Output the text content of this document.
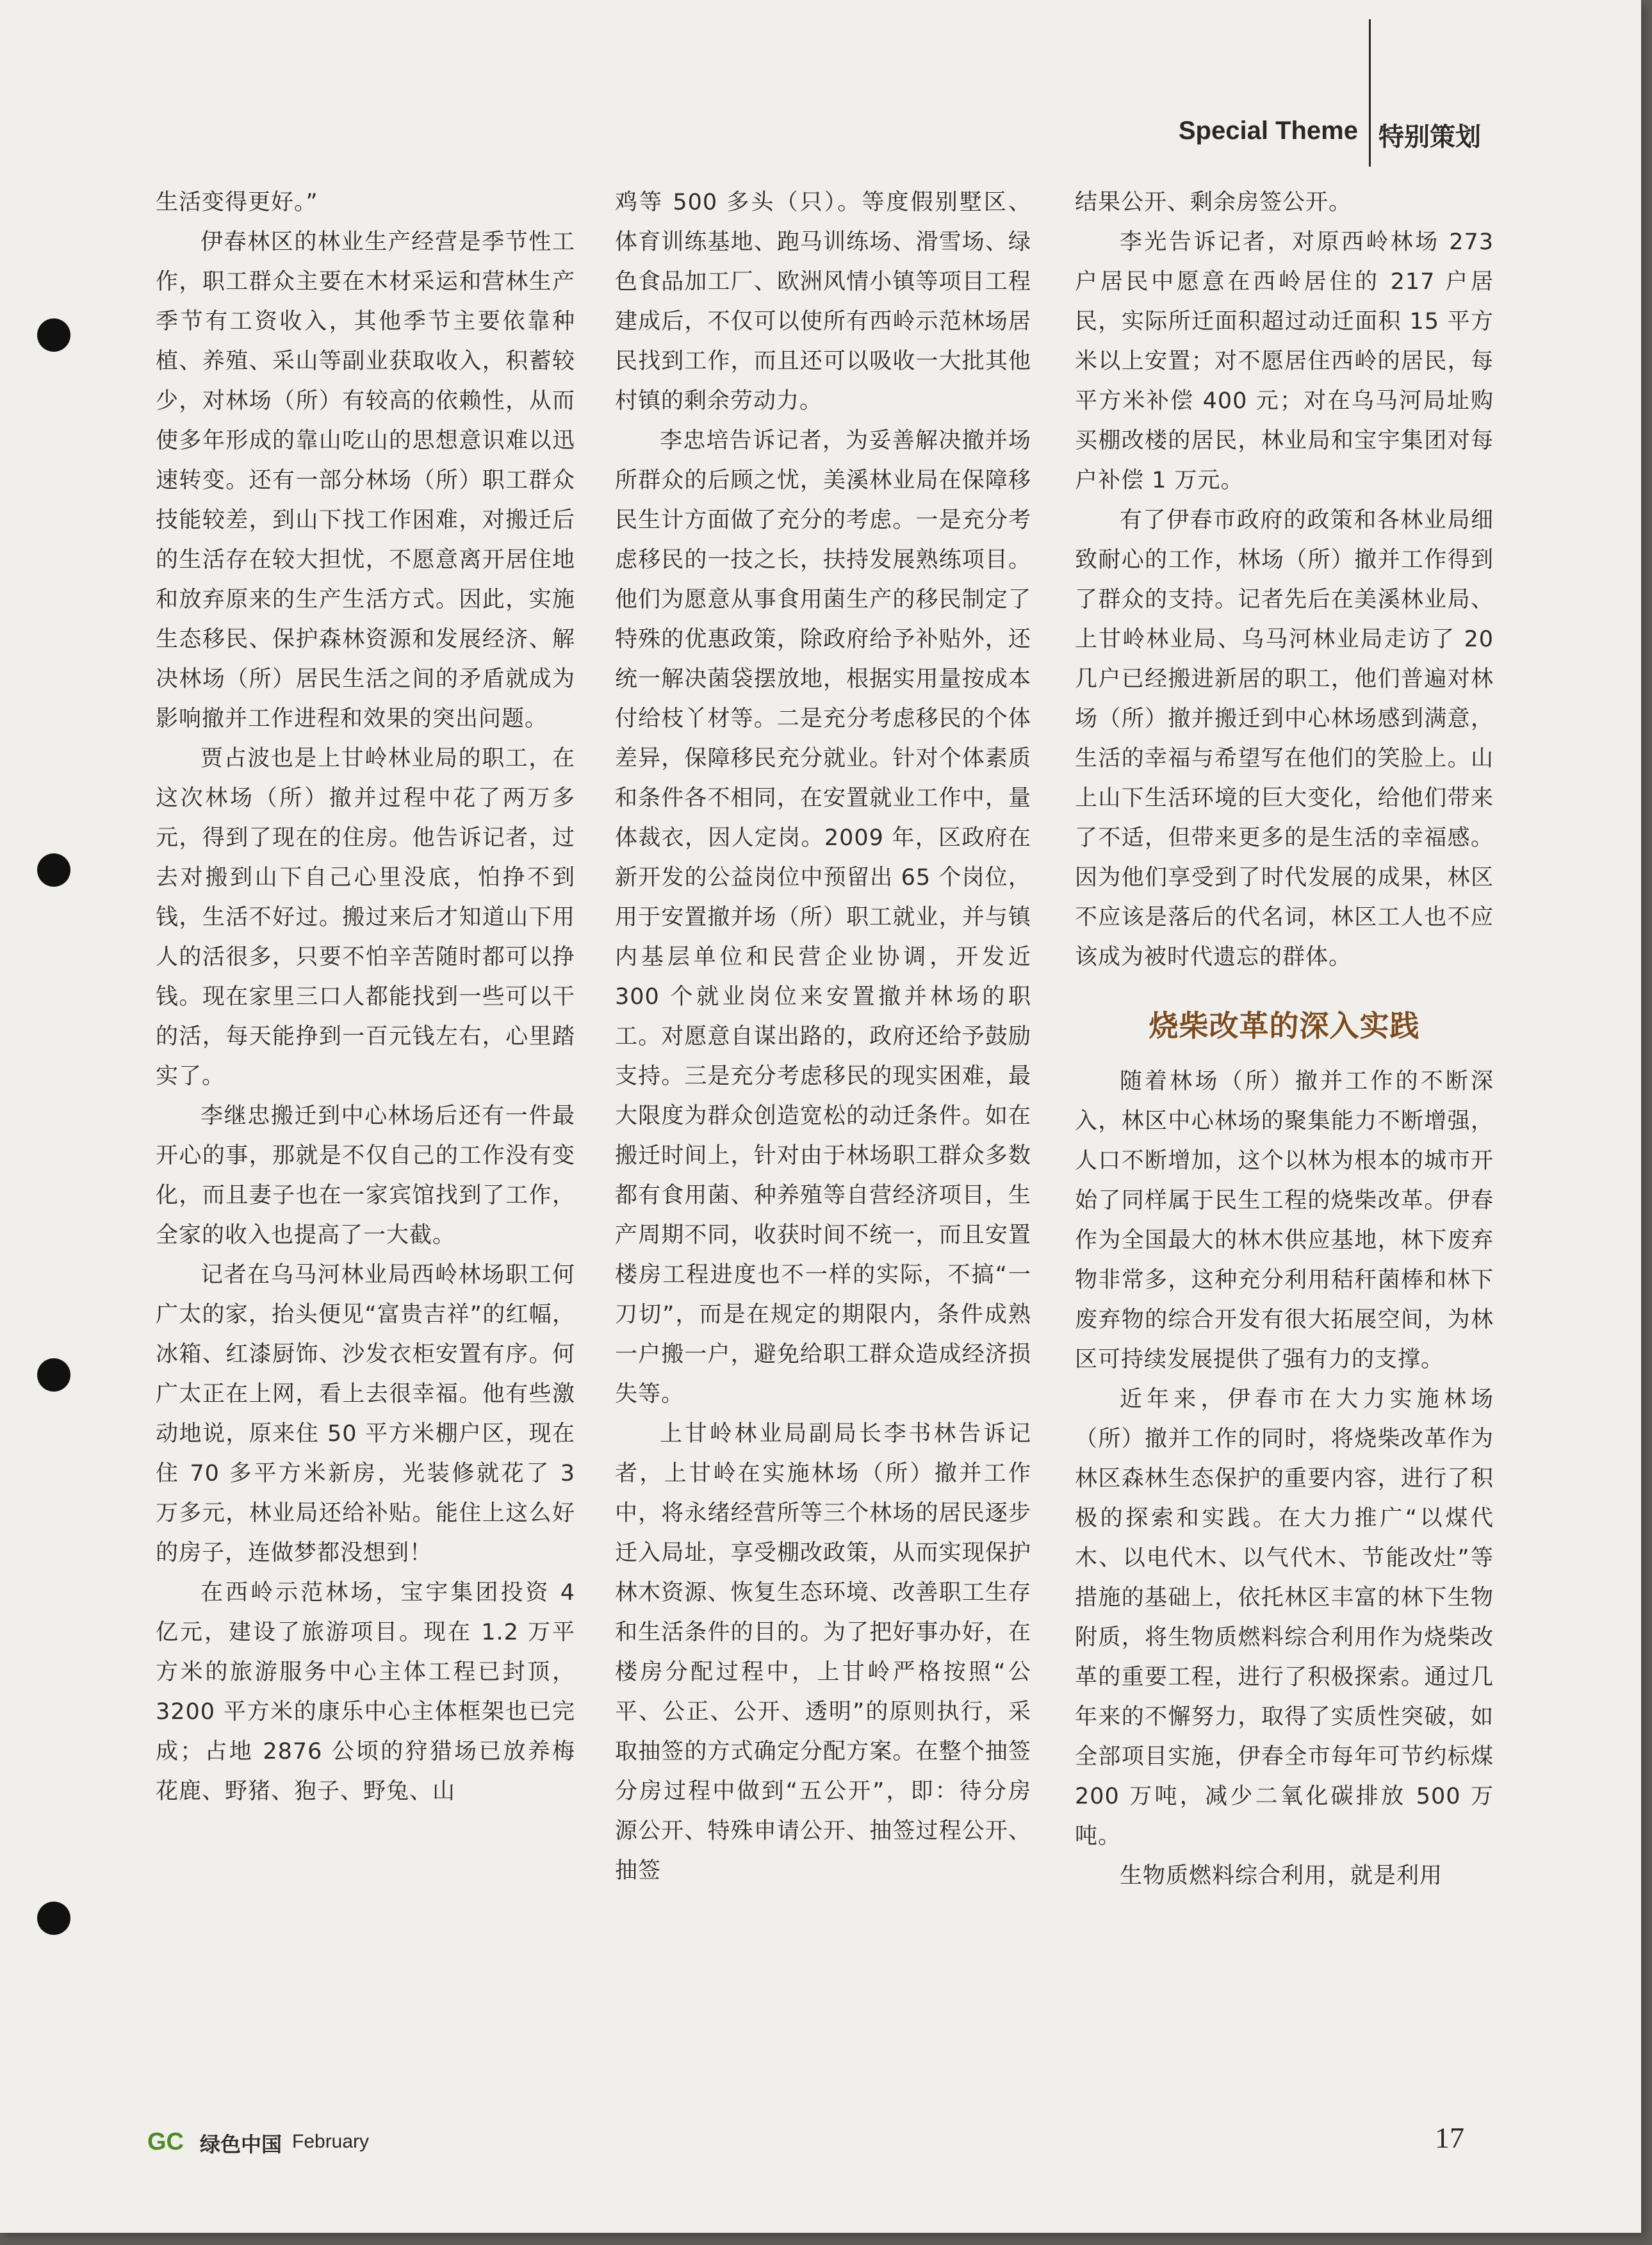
Special Theme 特别策划

生活变得更好。”

伊春林区的林业生产经营是季节性工作，职工群众主要在木材采运和营林生产季节有工资收入，其他季节主要依靠种植、养殖、采山等副业获取收入，积蓄较少，对林场（所）有较高的依赖性，从而使多年形成的靠山吃山的思想意识难以迅速转变。还有一部分林场（所）职工群众技能较差，到山下找工作困难，对搬迁后的生活存在较大担忧，不愿意离开居住地和放弃原来的生产生活方式。因此，实施生态移民、保护森林资源和发展经济、解决林场（所）居民生活之间的矛盾就成为影响撤并工作进程和效果的突出问题。

贾占波也是上甘岭林业局的职工，在这次林场（所）撤并过程中花了两万多元，得到了现在的住房。他告诉记者，过去对搬到山下自己心里没底，怕挣不到钱，生活不好过。搬过来后才知道山下用人的活很多，只要不怕辛苦随时都可以挣钱。现在家里三口人都能找到一些可以干的活，每天能挣到一百元钱左右，心里踏实了。

李继忠搬迁到中心林场后还有一件最开心的事，那就是不仅自己的工作没有变化，而且妻子也在一家宾馆找到了工作，全家的收入也提高了一大截。

记者在乌马河林业局西岭林场职工何广太的家，抬头便见“富贵吉祥”的红幅，冰箱、红漆厨饰、沙发衣柜安置有序。何广太正在上网，看上去很幸福。他有些激动地说，原来住 50 平方米棚户区，现在住 70 多平方米新房，光装修就花了 3 万多元，林业局还给补贴。能住上这么好的房子，连做梦都没想到！

在西岭示范林场，宝宇集团投资 4 亿元，建设了旅游项目。现在 1.2 万平方米的旅游服务中心主体工程已封顶，3200 平方米的康乐中心主体框架也已完成；占地 2876 公顷的狩猎场已放养梅花鹿、野猪、狍子、野兔、山

鸡等 500 多头（只）。等度假别墅区、体育训练基地、跑马训练场、滑雪场、绿色食品加工厂、欧洲风情小镇等项目工程建成后，不仅可以使所有西岭示范林场居民找到工作，而且还可以吸收一大批其他村镇的剩余劳动力。

李忠培告诉记者，为妥善解决撤并场所群众的后顾之忧，美溪林业局在保障移民生计方面做了充分的考虑。一是充分考虑移民的一技之长，扶持发展熟练项目。他们为愿意从事食用菌生产的移民制定了特殊的优惠政策，除政府给予补贴外，还统一解决菌袋摆放地，根据实用量按成本付给枝丫材等。二是充分考虑移民的个体差异，保障移民充分就业。针对个体素质和条件各不相同，在安置就业工作中，量体裁衣，因人定岗。2009 年，区政府在新开发的公益岗位中预留出 65 个岗位，用于安置撤并场（所）职工就业，并与镇内基层单位和民营企业协调，开发近 300 个就业岗位来安置撤并林场的职工。对愿意自谋出路的，政府还给予鼓励支持。三是充分考虑移民的现实困难，最大限度为群众创造宽松的动迁条件。如在搬迁时间上，针对由于林场职工群众多数都有食用菌、种养殖等自营经济项目，生产周期不同，收获时间不统一，而且安置楼房工程进度也不一样的实际，不搞“一刀切”，而是在规定的期限内，条件成熟一户搬一户，避免给职工群众造成经济损失等。

上甘岭林业局副局长李书林告诉记者，上甘岭在实施林场（所）撤并工作中，将永绪经营所等三个林场的居民逐步迁入局址，享受棚改政策，从而实现保护林木资源、恢复生态环境、改善职工生存和生活条件的目的。为了把好事办好，在楼房分配过程中，上甘岭严格按照“公平、公正、公开、透明”的原则执行，采取抽签的方式确定分配方案。在整个抽签分房过程中做到“五公开”，即：待分房源公开、特殊申请公开、抽签过程公开、抽签

结果公开、剩余房签公开。

李光告诉记者，对原西岭林场 273 户居民中愿意在西岭居住的 217 户居民，实际所迁面积超过动迁面积 15 平方米以上安置；对不愿居住西岭的居民，每平方米补偿 400 元；对在乌马河局址购买棚改楼的居民，林业局和宝宇集团对每户补偿 1 万元。

有了伊春市政府的政策和各林业局细致耐心的工作，林场（所）撤并工作得到了群众的支持。记者先后在美溪林业局、上甘岭林业局、乌马河林业局走访了 20 几户已经搬进新居的职工，他们普遍对林场（所）撤并搬迁到中心林场感到满意，生活的幸福与希望写在他们的笑脸上。山上山下生活环境的巨大变化，给他们带来了不适，但带来更多的是生活的幸福感。因为他们享受到了时代发展的成果，林区不应该是落后的代名词，林区工人也不应该成为被时代遗忘的群体。

烧柴改革的深入实践

随着林场（所）撤并工作的不断深入，林区中心林场的聚集能力不断增强，人口不断增加，这个以林为根本的城市开始了同样属于民生工程的烧柴改革。伊春作为全国最大的林木供应基地，林下废弃物非常多，这种充分利用秸秆菌棒和林下废弃物的综合开发有很大拓展空间，为林区可持续发展提供了强有力的支撑。

近年来，伊春市在大力实施林场（所）撤并工作的同时，将烧柴改革作为林区森林生态保护的重要内容，进行了积极的探索和实践。在大力推广“以煤代木、以电代木、以气代木、节能改灶”等措施的基础上，依托林区丰富的林下生物附质，将生物质燃料综合利用作为烧柴改革的重要工程，进行了积极探索。通过几年来的不懈努力，取得了实质性突破，如全部项目实施，伊春全市每年可节约标煤 200 万吨，减少二氧化碳排放 500 万吨。

生物质燃料综合利用，就是利用

GC 绿色中国 February	17
